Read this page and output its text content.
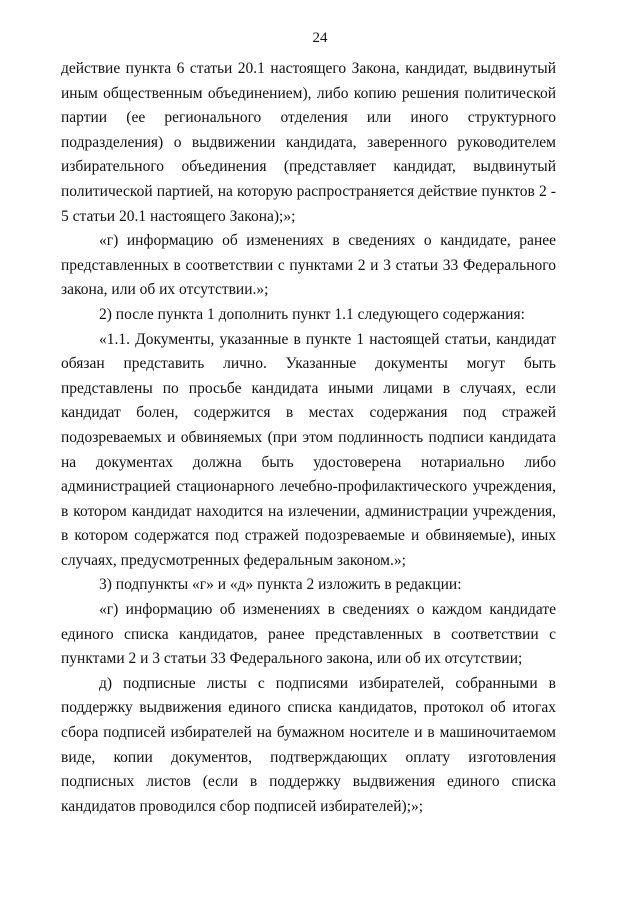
24

действие пункта 6 статьи 20.1 настоящего Закона, кандидат, выдвинутый иным общественным объединением), либо копию решения политической партии (ее регионального отделения или иного структурного подразделения) о выдвижении кандидата, заверенного руководителем избирательного объединения (представляет кандидат, выдвинутый политической партией, на которую распространяется действие пунктов 2 - 5 статьи 20.1 настоящего Закона);»;

«г) информацию об изменениях в сведениях о кандидате, ранее представленных в соответствии с пунктами 2 и 3 статьи 33 Федерального закона, или об их отсутствии.»;

2) после пункта 1 дополнить пункт 1.1 следующего содержания:

«1.1. Документы, указанные в пункте 1 настоящей статьи, кандидат обязан представить лично. Указанные документы могут быть представлены по просьбе кандидата иными лицами в случаях, если кандидат болен, содержится в местах содержания под стражей подозреваемых и обвиняемых (при этом подлинность подписи кандидата на документах должна быть удостоверена нотариально либо администрацией стационарного лечебно-профилактического учреждения, в котором кандидат находится на излечении, администрации учреждения, в котором содержатся под стражей подозреваемые и обвиняемые), иных случаях, предусмотренных федеральным законом.»;

3) подпункты «г» и «д» пункта 2 изложить в редакции:

«г) информацию об изменениях в сведениях о каждом кандидате единого списка кандидатов, ранее представленных в соответствии с пунктами 2 и 3 статьи 33 Федерального закона, или об их отсутствии;

д) подписные листы с подписями избирателей, собранными в поддержку выдвижения единого списка кандидатов, протокол об итогах сбора подписей избирателей на бумажном носителе и в машиночитаемом виде, копии документов, подтверждающих оплату изготовления подписных листов (если в поддержку выдвижения единого списка кандидатов проводился сбор подписей избирателей);»;
